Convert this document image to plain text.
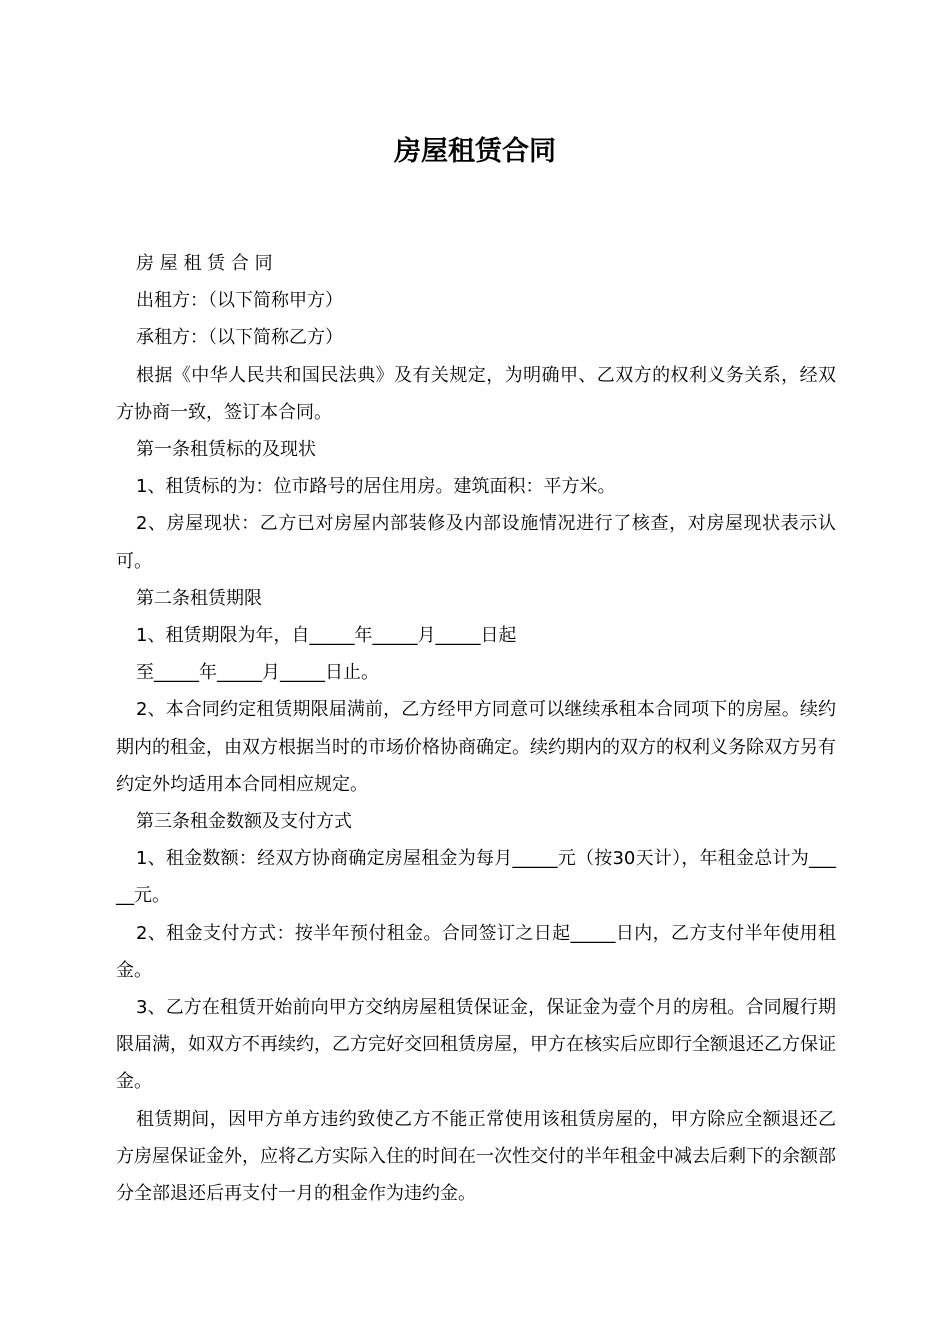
房屋租赁合同

房 屋 租 赁 合 同

出租方：（以下简称甲方）

承租方：（以下简称乙方）

根据《中华人民共和国民法典》及有关规定，为明确甲、乙双方的权利义务关系，经双方协商一致，签订本合同。

第一条租赁标的及现状

1、租赁标的为：位市路号的居住用房。建筑面积：平方米。

2、房屋现状：乙方已对房屋内部装修及内部设施情况进行了核查，对房屋现状表示认可。

第二条租赁期限

1、租赁期限为年，自_____年_____月_____日起

至_____年_____月_____日止。

2、本合同约定租赁期限届满前，乙方经甲方同意可以继续承租本合同项下的房屋。续约期内的租金，由双方根据当时的市场价格协商确定。续约期内的双方的权利义务除双方另有约定外均适用本合同相应规定。

第三条租金数额及支付方式

1、租金数额：经双方协商确定房屋租金为每月_____元（按30天计），年租金总计为_____元。

2、租金支付方式：按半年预付租金。合同签订之日起_____日内，乙方支付半年使用租金。

3、乙方在租赁开始前向甲方交纳房屋租赁保证金，保证金为壹个月的房租。合同履行期限届满，如双方不再续约，乙方完好交回租赁房屋，甲方在核实后应即行全额退还乙方保证金。

租赁期间，因甲方单方违约致使乙方不能正常使用该租赁房屋的，甲方除应全额退还乙方房屋保证金外，应将乙方实际入住的时间在一次性交付的半年租金中减去后剩下的余额部分全部退还后再支付一月的租金作为违约金。
